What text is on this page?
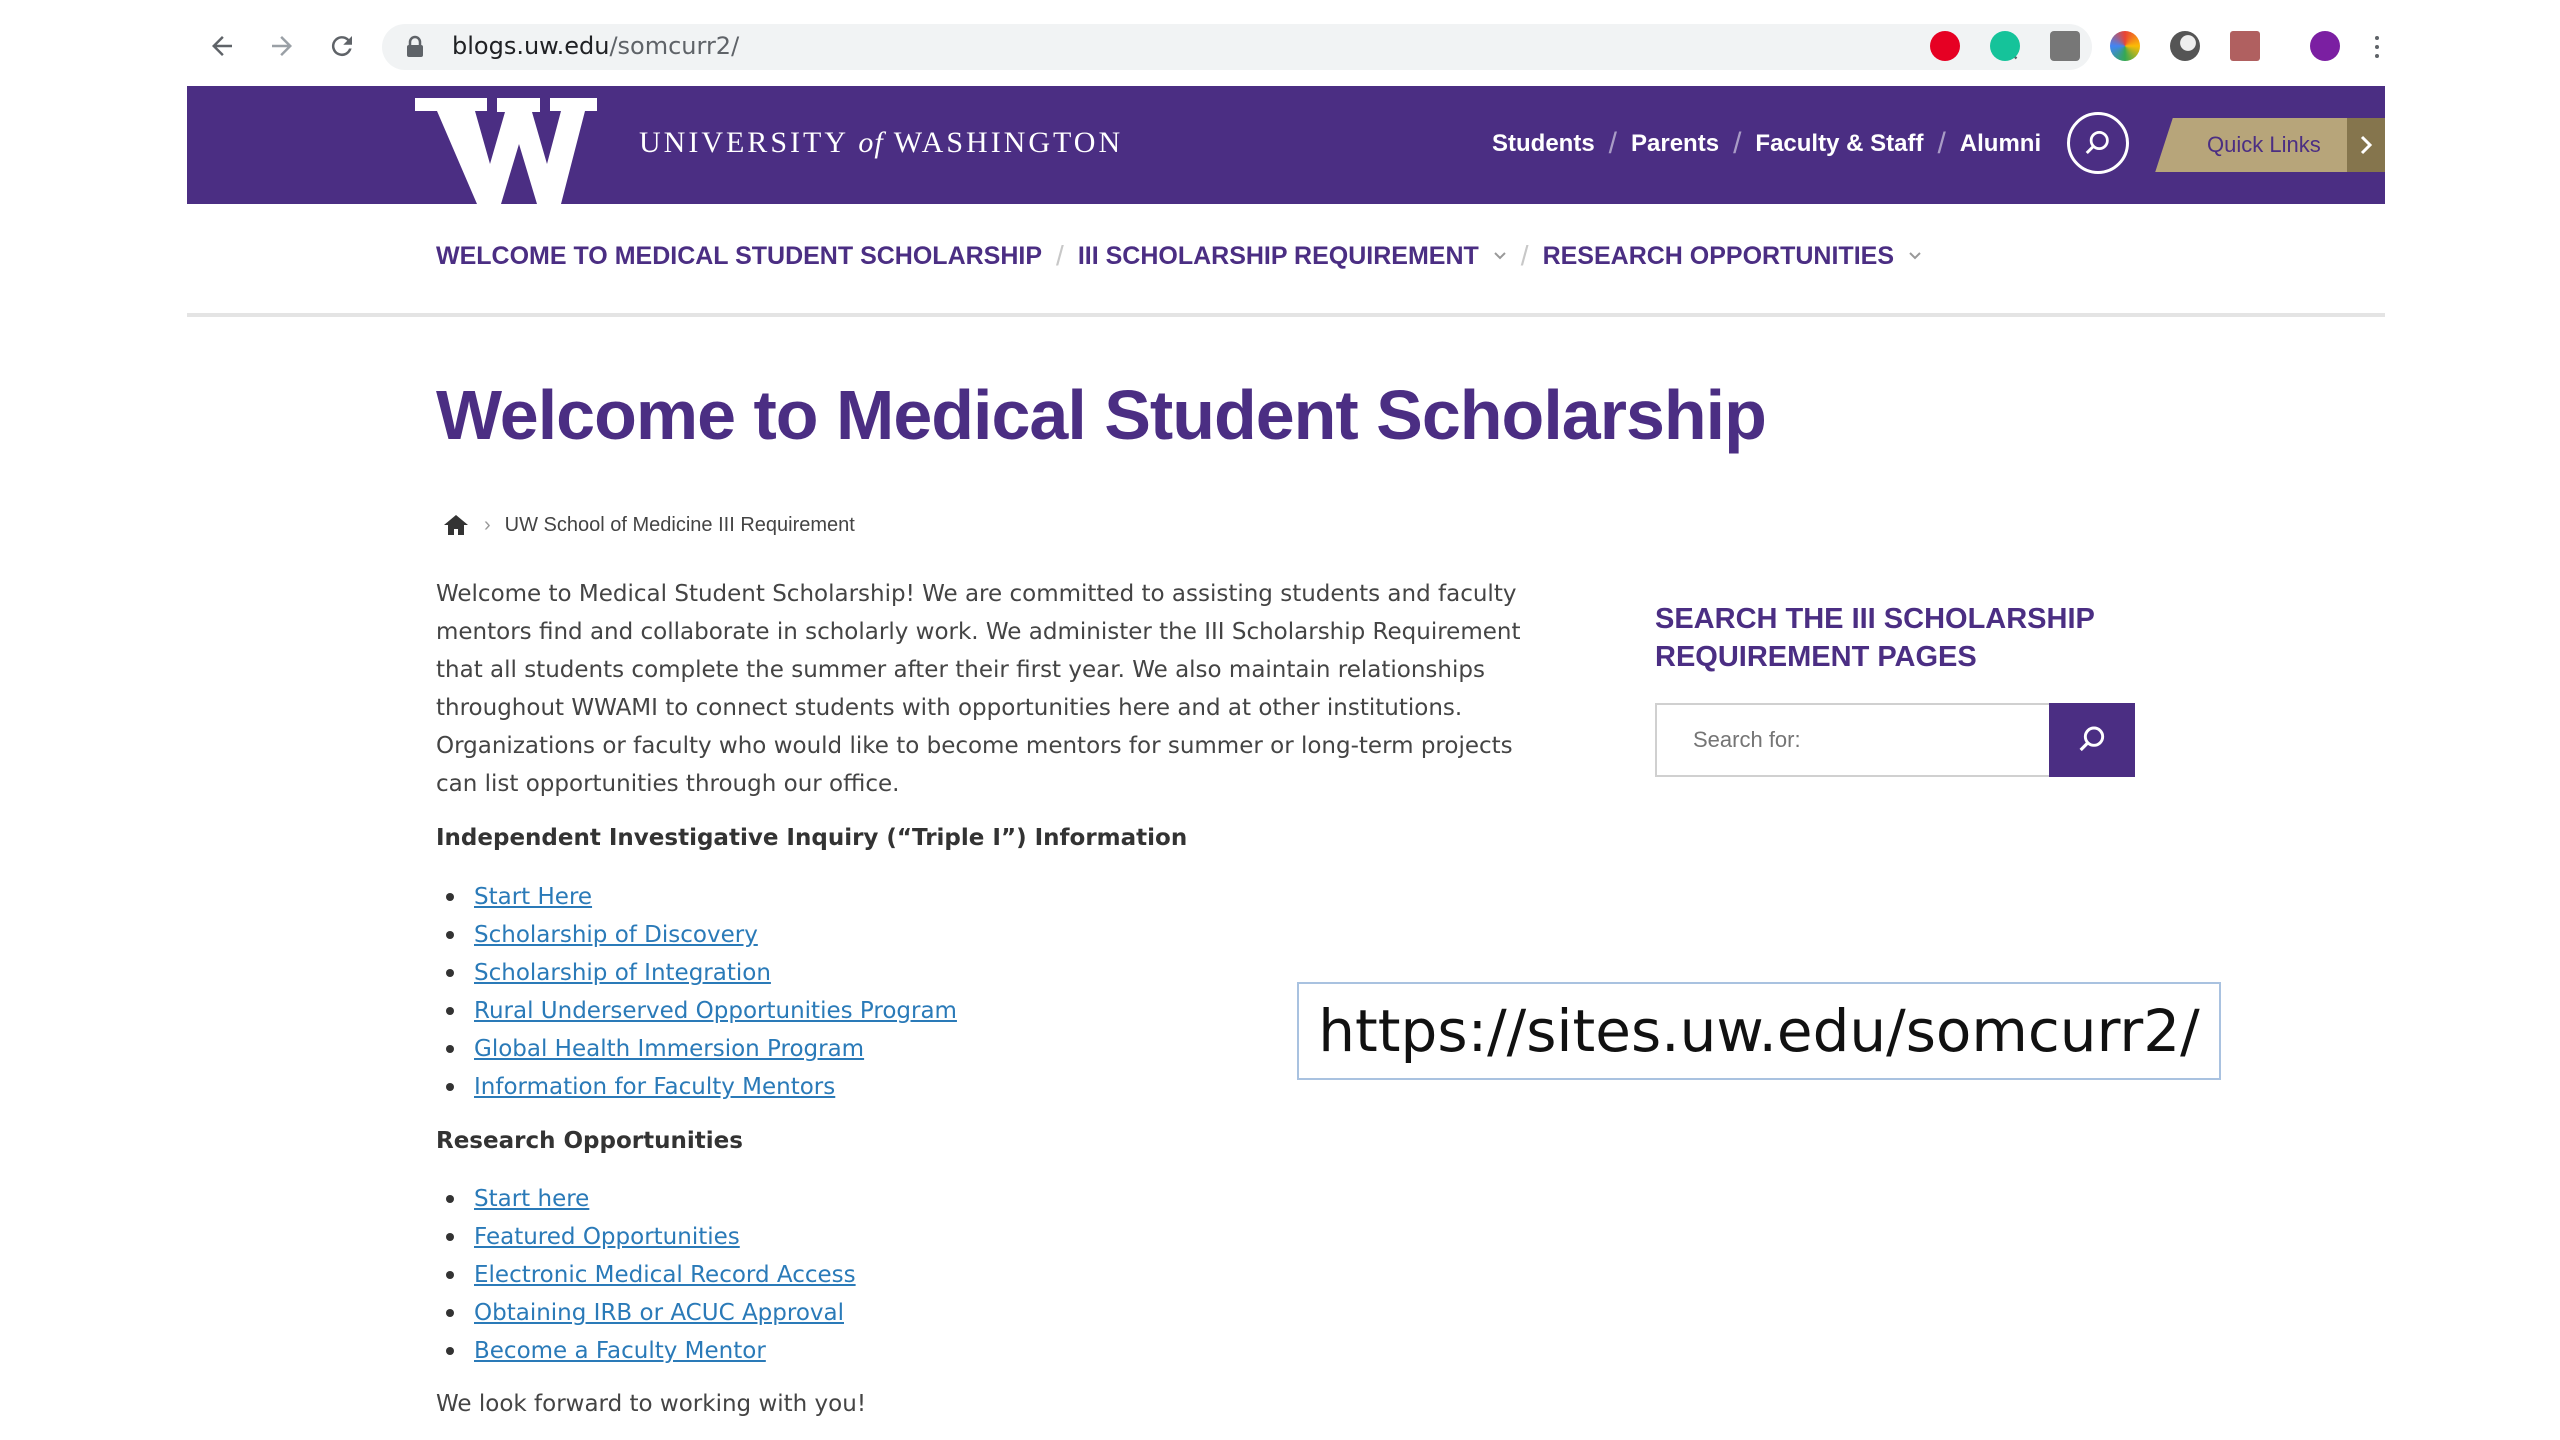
blogs.uw.edu/somcurr2/
UNIVERSITY of WASHINGTON	Students / Parents / Faculty & Staff / Alumni	Quick Links
WELCOME TO MEDICAL STUDENT SCHOLARSHIP / III SCHOLARSHIP REQUIREMENT / RESEARCH OPPORTUNITIES
Welcome to Medical Student Scholarship
› UW School of Medicine III Requirement
Welcome to Medical Student Scholarship! We are committed to assisting students and faculty mentors find and collaborate in scholarly work. We administer the III Scholarship Requirement that all students complete the summer after their first year. We also maintain relationships throughout WWAMI to connect students with opportunities here and at other institutions. Organizations or faculty who would like to become mentors for summer or long-term projects can list opportunities through our office.
Independent Investigative Inquiry (“Triple I”) Information
Start Here
Scholarship of Discovery
Scholarship of Integration
Rural Underserved Opportunities Program
Global Health Immersion Program
Information for Faculty Mentors
Research Opportunities
Start here
Featured Opportunities
Electronic Medical Record Access
Obtaining IRB or ACUC Approval
Become a Faculty Mentor
We look forward to working with you!
SEARCH THE III SCHOLARSHIP REQUIREMENT PAGES
Search for:
https://sites.uw.edu/somcurr2/
